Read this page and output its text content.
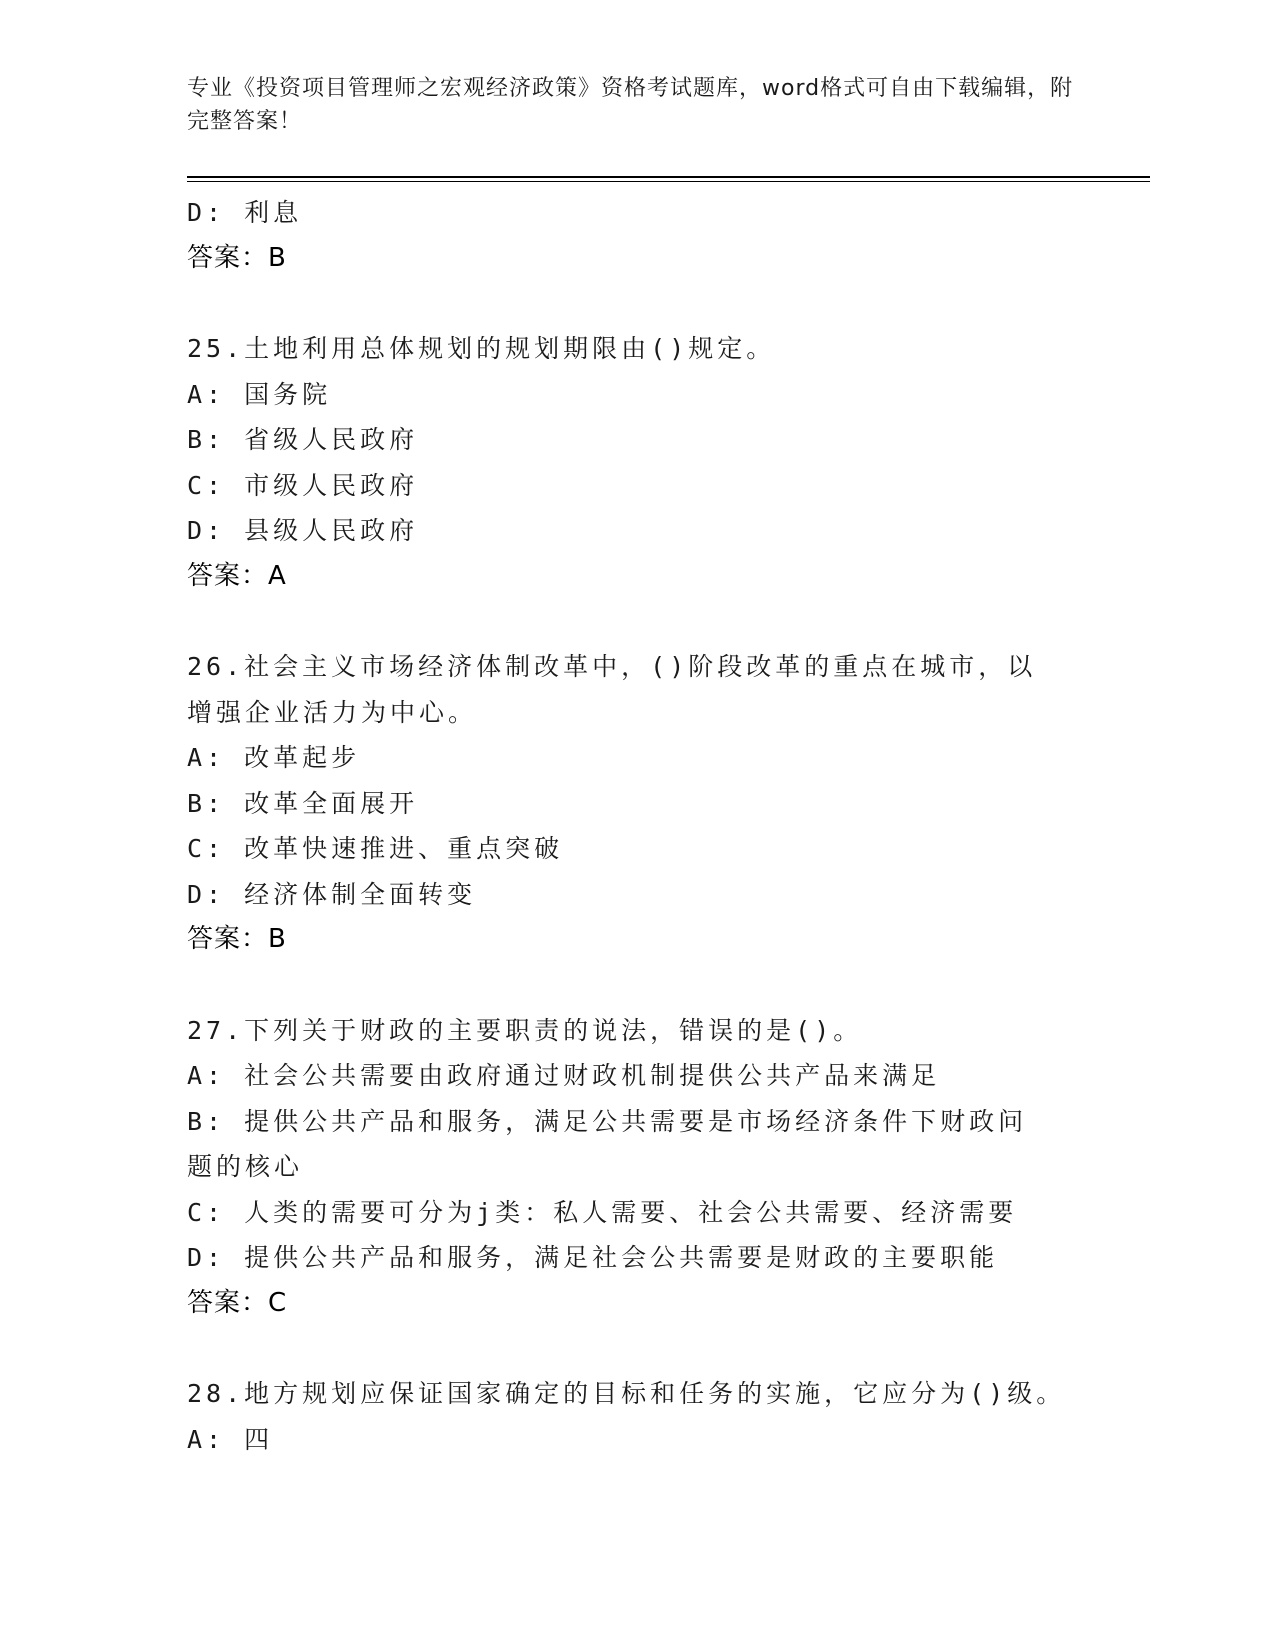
专业《投资项目管理师之宏观经济政策》资格考试题库，word格式可自由下载编辑，附完整答案！
D: 利息
答案：B
25.土地利用总体规划的规划期限由()规定。
A: 国务院
B: 省级人民政府
C: 市级人民政府
D: 县级人民政府
答案：A
26.社会主义市场经济体制改革中，()阶段改革的重点在城市，以增强企业活力为中心。
A: 改革起步
B: 改革全面展开
C: 改革快速推进、重点突破
D: 经济体制全面转变
答案：B
27.下列关于财政的主要职责的说法，错误的是()。
A: 社会公共需要由政府通过财政机制提供公共产品来满足
B: 提供公共产品和服务，满足公共需要是市场经济条件下财政问题的核心
C: 人类的需要可分为j类：私人需要、社会公共需要、经济需要
D: 提供公共产品和服务，满足社会公共需要是财政的主要职能
答案：C
28.地方规划应保证国家确定的目标和任务的实施，它应分为()级。
A: 四
